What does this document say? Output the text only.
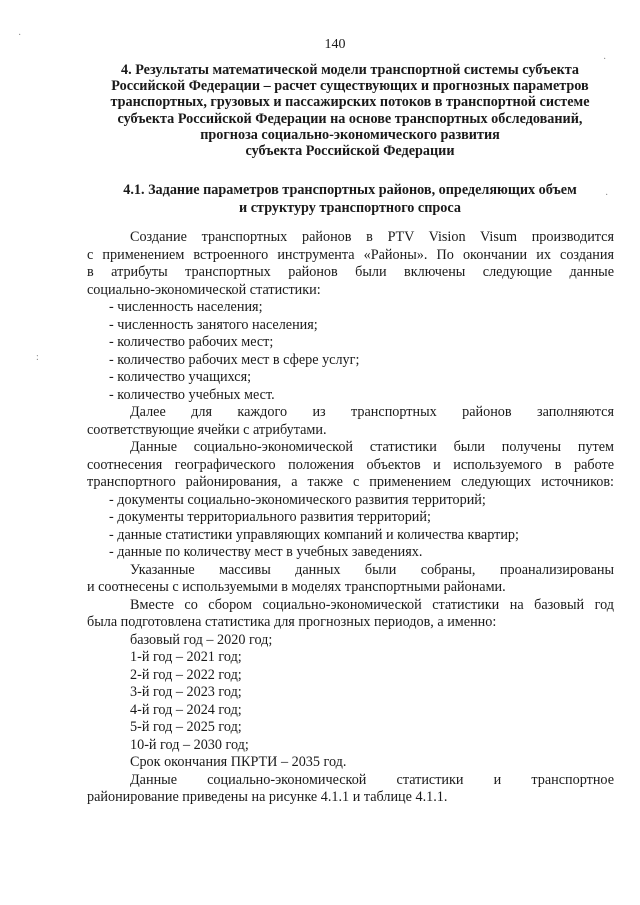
140
4. Результаты математической модели транспортной системы субъекта
Российской Федерации – расчет существующих и прогнозных параметров
транспортных, грузовых и пассажирских потоков в транспортной системе
субъекта Российской Федерации на основе транспортных обследований,
прогноза социально-экономического развития
субъекта Российской Федерации
4.1. Задание параметров транспортных районов, определяющих объем
и структуру транспортного спроса
Создание транспортных районов в PTV Vision Visum производится
с применением встроенного инструмента «Районы». По окончании их создания
в атрибуты транспортных районов были включены следующие данные
социально-экономической статистики:
- численность населения;
- численность занятого населения;
- количество рабочих мест;
- количество рабочих мест в сфере услуг;
- количество учащихся;
- количество учебных мест.
Далее для каждого из транспортных районов заполняются
соответствующие ячейки с атрибутами.
Данные социально-экономической статистики были получены путем
соотнесения географического положения объектов и используемого в работе
транспортного районирования, а также с применением следующих источников:
- документы социально-экономического развития территорий;
- документы территориального развития территорий;
- данные статистики управляющих компаний и количества квартир;
- данные по количеству мест в учебных заведениях.
Указанные массивы данных были собраны, проанализированы
и соотнесены с используемыми в моделях транспортными районами.
Вместе со сбором социально-экономической статистики на базовый год
была подготовлена статистика для прогнозных периодов, а именно:
базовый год – 2020 год;
1-й год – 2021 год;
2-й год – 2022 год;
3-й год – 2023 год;
4-й год – 2024 год;
5-й год – 2025 год;
10-й год – 2030 год;
Срок окончания ПКРТИ – 2035 год.
Данные социально-экономической статистики и транспортное
районирование приведены на рисунке 4.1.1 и таблице 4.1.1.
·
:
·
·
